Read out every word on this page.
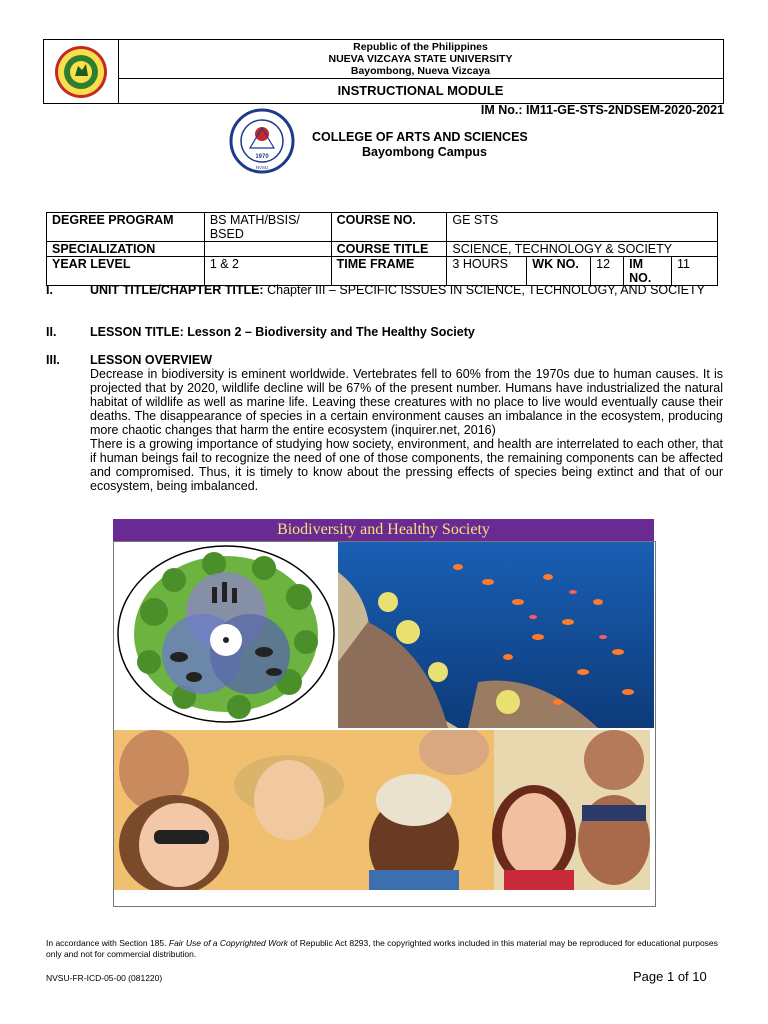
Republic of the Philippines
NUEVA VIZCAYA STATE UNIVERSITY
Bayombong, Nueva Vizcaya
INSTRUCTIONAL MODULE
IM No.: IM11-GE-STS-2NDSEM-2020-2021
1970
NVSU
COLLEGE OF ARTS AND SCIENCES
Bayombong Campus
DEGREE PROGRAM	BS MATH/BSIS/ BSED	COURSE NO.	GE STS				
SPECIALIZATION		COURSE TITLE	SCIENCE, TECHNOLOGY & SOCIETY				
YEAR LEVEL	1 & 2	TIME FRAME	3 HOURS	WK NO.	12	IM NO.	11
I.	UNIT TITLE/CHAPTER TITLE: Chapter III – SPECIFIC ISSUES IN SCIENCE, TECHNOLOGY, AND SOCIETY
II.	LESSON TITLE: Lesson 2 – Biodiversity and The Healthy Society
III. LESSON OVERVIEW
Decrease in biodiversity is eminent worldwide. Vertebrates fell to 60% from the 1970s due to human causes. It is projected that by 2020, wildlife decline will be 67% of the present number. Humans have industrialized the natural habitat of wildlife as well as marine life. Leaving these creatures with no place to live would eventually cause their deaths. The disappearance of species in a certain environment causes an imbalance in the ecosystem, producing more chaotic changes that harm the entire ecosystem (inquirer.net, 2016)
There is a growing importance of studying how society, environment, and health are interrelated to each other, that if human beings fail to recognize the need of one of those components, the remaining components can be affected and compromised. Thus, it is timely to know about the pressing effects of species being extinct and that of our ecosystem, being imbalanced.
Biodiversity and Healthy Society
In accordance with Section 185. Fair Use of a Copyrighted Work of Republic Act 8293, the copyrighted works included in this material may be reproduced for educational purposes only and not for commercial distribution.
NVSU-FR-ICD-05-00 (081220)	Page 1 of 10
